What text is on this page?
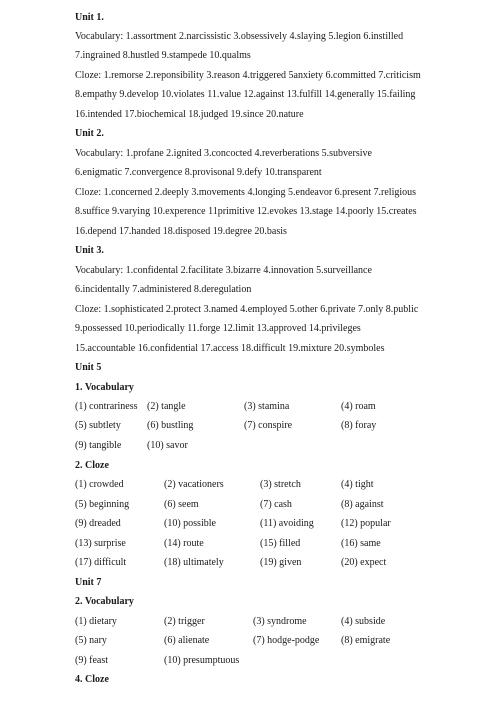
Unit 1.
Vocabulary: 1.assortment 2.narcissistic 3.obsessively 4.slaying 5.legion 6.instilled
7.ingrained 8.hustled 9.stampede 10.qualms
Cloze: 1.remorse 2.reponsibility 3.reason 4.triggered 5anxiety 6.committed 7.criticism
8.empathy 9.develop 10.violates 11.value 12.against 13.fulfill 14.generally 15.failing
16.intended 17.biochemical 18.judged 19.since 20.nature
Unit 2.
Vocabulary: 1.profane 2.ignited 3.concocted 4.reverberations 5.subversive
6.enigmatic 7.convergence 8.provisonal 9.defy 10.transparent
Cloze: 1.concerned 2.deeply 3.movements 4.longing 5.endeavor 6.present 7.religious
8.suffice 9.varying 10.experence 11primitive 12.evokes 13.stage 14.poorly 15.creates
16.depend 17.handed 18.disposed 19.degree 20.basis
Unit 3.
Vocabulary: 1.confidental 2.facilitate 3.bizarre 4.innovation 5.surveillance
6.incidentally 7.administered 8.deregulation
Cloze: 1.sophisticated 2.protect 3.named 4.employed 5.other 6.private 7.only 8.public
9.possessed 10.periodically 11.forge 12.limit 13.approved 14.privileges
15.accountable 16.confidential 17.access 18.difficult 19.mixture 20.symboles
Unit 5
1. Vocabulary
(1) contrariness (2) tangle	(3) stamina	(4) roam
(5) subtlety	(6) bustling	(7) conspire	(8) foray
(9) tangible	(10) savor
2. Cloze
(1) crowded	(2) vacationers	(3) stretch	(4) tight
(5) beginning	(6) seem	(7) cash	(8) against
(9) dreaded	(10) possible	(11) avoiding	(12) popular
(13) surprise	(14) route	(15) filled	(16) same
(17) difficult	(18) ultimately	(19) given	(20) expect
Unit 7
2. Vocabulary
(1) dietary	(2) trigger	(3) syndrome	(4) subside
(5) nary	(6) alienate	(7) hodge-podge (8) emigrate
(9) feast	(10) presumptuous
4. Cloze
